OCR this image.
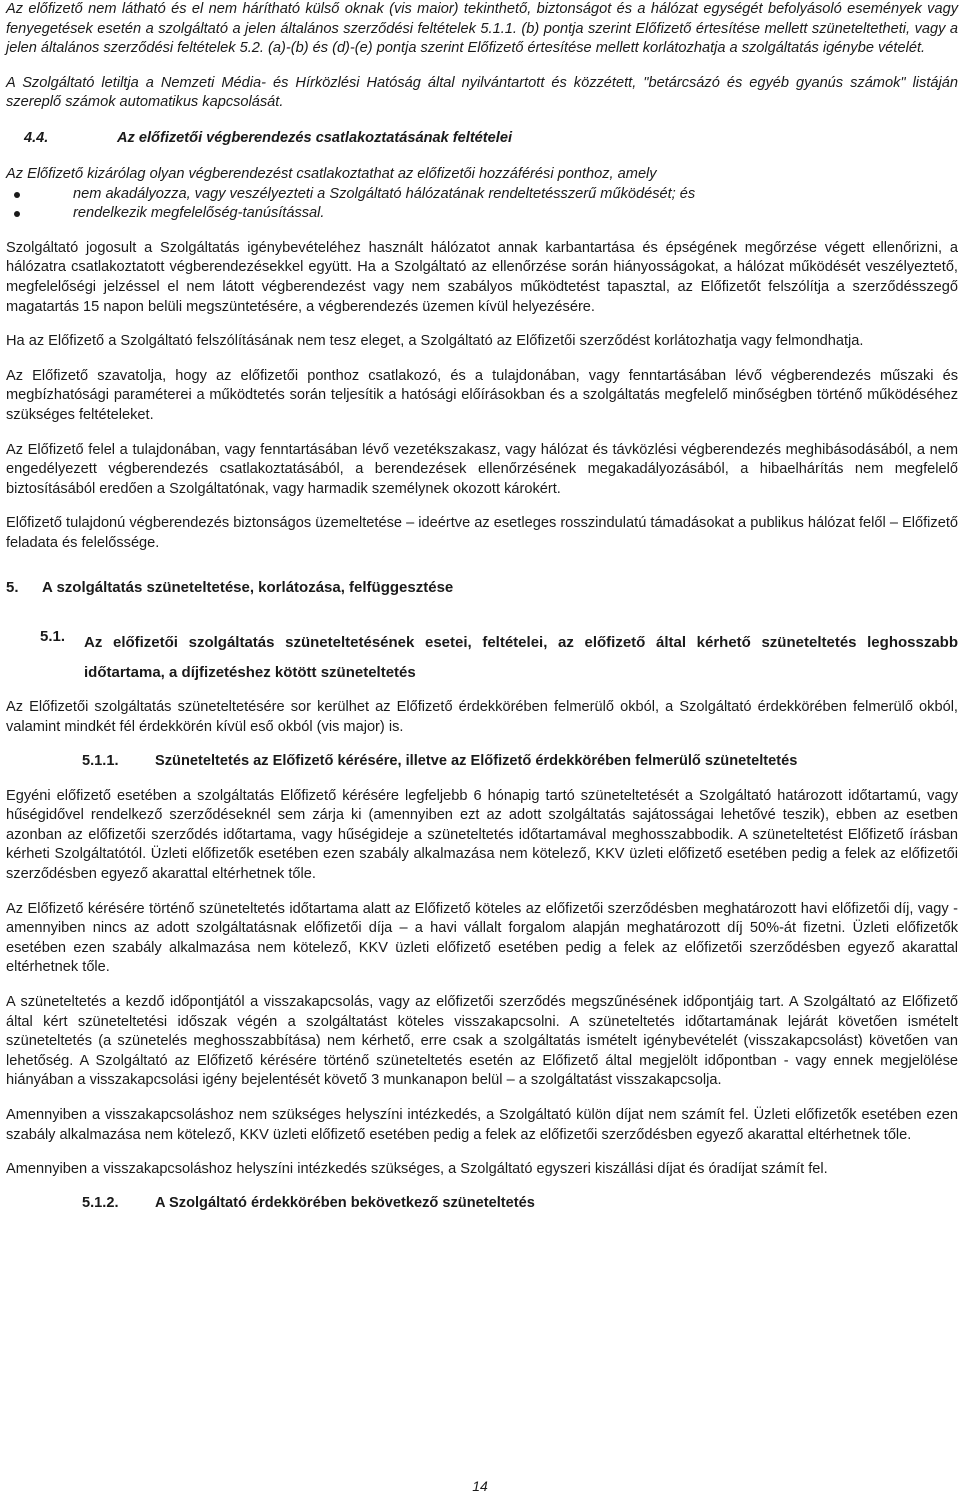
Az előfizető nem látható és el nem hárítható külső oknak (vis maior) tekinthető, biztonságot és a hálózat egységét befolyásoló események vagy fenyegetések esetén a szolgáltató a jelen általános szerződési feltételek 5.1.1. (b) pontja szerint Előfizető értesítése mellett szüneteltetheti, vagy a jelen általános szerződési feltételek 5.2. (a)-(b) és (d)-(e) pontja szerint Előfizető értesítése mellett korlátozhatja a szolgáltatás igénybe vételét.

A Szolgáltató letiltja a Nemzeti Média- és Hírközlési Hatóság által nyilvántartott és közzétett, "betárcsázó és egyéb gyanús számok" listáján szereplő számok automatikus kapcsolását.

4.4.	Az előfizetői végberendezés csatlakoztatásának feltételei

Az Előfizető kizárólag olyan végberendezést csatlakoztathat az előfizetői hozzáférési ponthoz, amely

nem akadályozza, vagy veszélyezteti a Szolgáltató hálózatának rendeltetésszerű működését; és
rendelkezik megfelelőség-tanúsítással.

Szolgáltató jogosult a Szolgáltatás igénybevételéhez használt hálózatot annak karbantartása és épségének megőrzése végett ellenőrizni, a hálózatra csatlakoztatott végberendezésekkel együtt. Ha a Szolgáltató az ellenőrzése során hiányosságokat, a hálózat működését veszélyeztető, megfelelőségi jelzéssel el nem látott végberendezést vagy nem szabályos működtetést tapasztal, az Előfizetőt felszólítja a szerződésszegő magatartás 15 napon belüli megszüntetésére, a végberendezés üzemen kívül helyezésére.

Ha az Előfizető a Szolgáltató felszólításának nem tesz eleget, a Szolgáltató az Előfizetői szerződést korlátozhatja vagy felmondhatja.

Az Előfizető szavatolja, hogy az előfizetői ponthoz csatlakozó, és a tulajdonában, vagy fenntartásában lévő végberendezés műszaki és megbízhatósági paraméterei a működtetés során teljesítik a hatósági előírásokban és a szolgáltatás megfelelő minőségben történő működéséhez szükséges feltételeket.

Az Előfizető felel a tulajdonában, vagy fenntartásában lévő vezetékszakasz, vagy hálózat és távközlési végberendezés meghibásodásából, a nem engedélyezett végberendezés csatlakoztatásából, a berendezések ellenőrzésének megakadályozásából, a hibaelhárítás nem megfelelő biztosításából eredően a Szolgáltatónak, vagy harmadik személynek okozott károkért.

Előfizető tulajdonú végberendezés biztonságos üzemeltetése – ideértve az esetleges rosszindulatú támadásokat a publikus hálózat felől – Előfizető feladata és felelőssége.

5.	A szolgáltatás szüneteltetése, korlátozása, felfüggesztése
5.1.	Az előfizetői szolgáltatás szüneteltetésének esetei, feltételei, az előfizető által kérhető szüneteltetés leghosszabb időtartama, a díjfizetéshez kötött szüneteltetés

Az Előfizetői szolgáltatás szüneteltetésére sor kerülhet az Előfizető érdekkörében felmerülő okból, a Szolgáltató érdekkörében felmerülő okból, valamint mindkét fél érdekkörén kívül eső okból (vis major) is.

5.1.1.	Szüneteltetés az Előfizető kérésére, illetve az Előfizető érdekkörében felmerülő szüneteltetés

Egyéni előfizető esetében a szolgáltatás Előfizető kérésére legfeljebb 6 hónapig tartó szüneteltetését a Szolgáltató határozott időtartamú, vagy hűségidővel rendelkező szerződéseknél sem zárja ki (amennyiben ezt az adott szolgáltatás sajátosságai lehetővé teszik), ebben az esetben azonban az előfizetői szerződés időtartama, vagy hűségideje a szüneteltetés időtartamával meghosszabbodik. A szüneteltetést Előfizető írásban kérheti Szolgáltatótól. Üzleti előfizetők esetében ezen szabály alkalmazása nem kötelező, KKV üzleti előfizető esetében pedig a felek az előfizetői szerződésben egyező akarattal eltérhetnek tőle.

Az Előfizető kérésére történő szüneteltetés időtartama alatt az Előfizető köteles az előfizetői szerződésben meghatározott havi előfizetői díj, vagy - amennyiben nincs az adott szolgáltatásnak előfizetői díja – a havi vállalt forgalom alapján meghatározott díj 50%-át fizetni. Üzleti előfizetők esetében ezen szabály alkalmazása nem kötelező, KKV üzleti előfizető esetében pedig a felek az előfizetői szerződésben egyező akarattal eltérhetnek tőle.

A szüneteltetés a kezdő időpontjától a visszakapcsolás, vagy az előfizetői szerződés megszűnésének időpontjáig tart. A Szolgáltató az Előfizető által kért szüneteltetési időszak végén a szolgáltatást köteles visszakapcsolni. A szüneteltetés időtartamának lejárát követően ismételt szüneteltetés (a szünetelés meghosszabbítása) nem kérhető, erre csak a szolgáltatás ismételt igénybevételét (visszakapcsolást) követően van lehetőség. A Szolgáltató az Előfizető kérésére történő szüneteltetés esetén az Előfizető által megjelölt időpontban - vagy ennek megjelölése hiányában a visszakapcsolási igény bejelentését követő 3 munkanapon belül – a szolgáltatást visszakapcsolja.

Amennyiben a visszakapcsoláshoz nem szükséges helyszíni intézkedés, a Szolgáltató külön díjat nem számít fel. Üzleti előfizetők esetében ezen szabály alkalmazása nem kötelező, KKV üzleti előfizető esetében pedig a felek az előfizetői szerződésben egyező akarattal eltérhetnek tőle.

Amennyiben a visszakapcsoláshoz helyszíni intézkedés szükséges, a Szolgáltató egyszeri kiszállási díjat és óradíjat számít fel.

5.1.2.	A Szolgáltató érdekkörében bekövetkező szüneteltetés
14
